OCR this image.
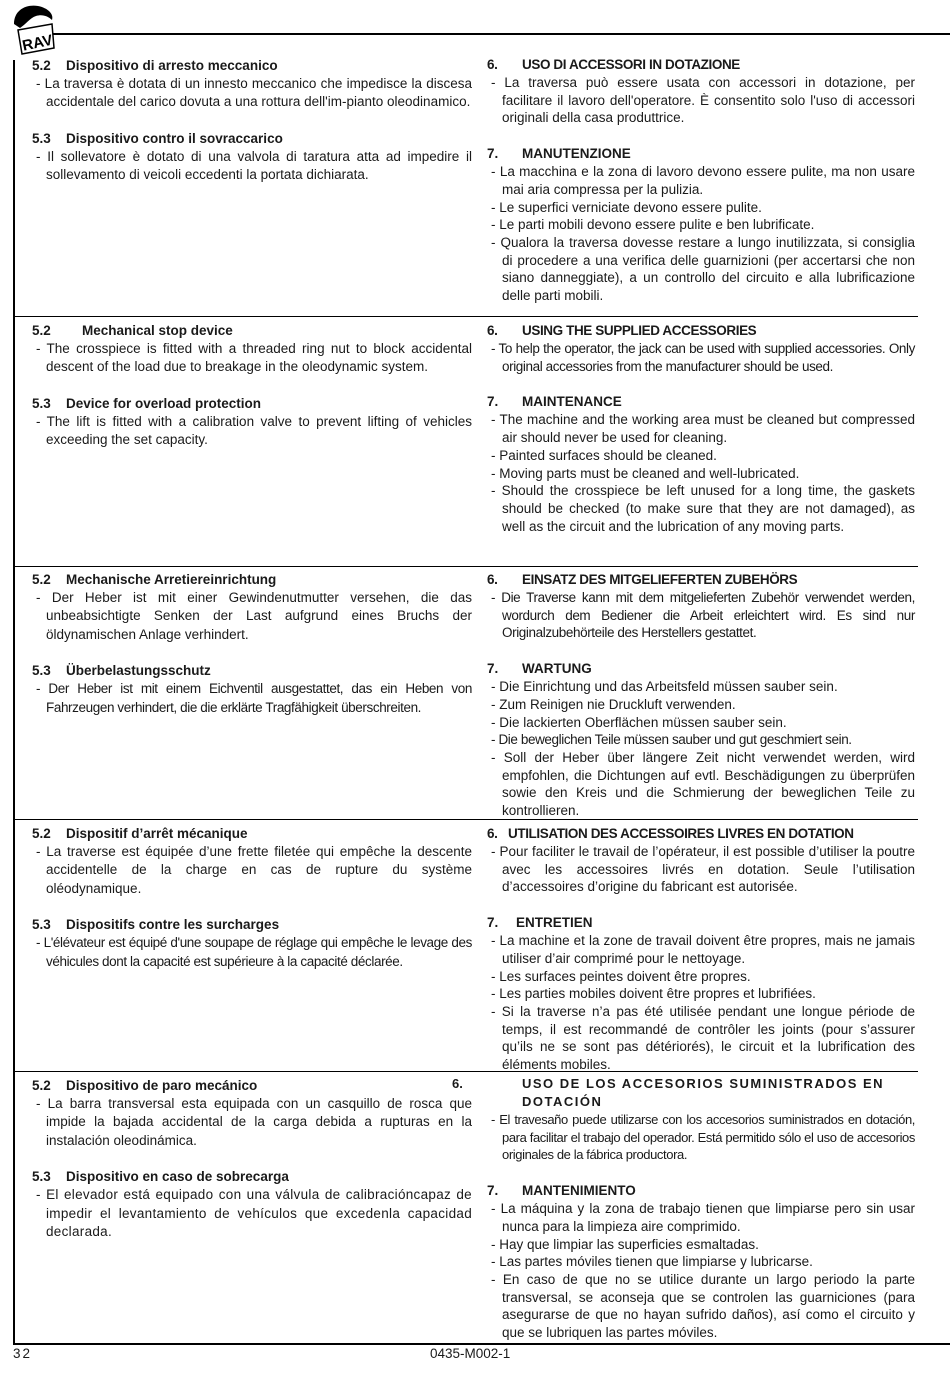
RAV
5.2 Dispositivo di arresto meccanico

- La traversa è dotata di un innesto meccanico che impedisce la discesa accidentale del carico dovuta a una rottura dell'im-pianto oleodinamico.

5.3 Dispositivo contro il sovraccarico

- Il sollevatore è dotato di una valvola di taratura atta ad impedire il sollevamento di veicoli eccedenti la portata dichiarata.

6. USO DI ACCESSORI IN DOTAZIONE

- La traversa può essere usata con accessori in dotazione, per facilitare il lavoro dell'operatore. È consentito solo l'uso di accessori originali della casa produttrice.

7. MANUTENZIONE

- La macchina e la zona di lavoro devono essere pulite, ma non usare mai aria compressa per la pulizia.

- Le superfici verniciate devono essere pulite.

- Le parti mobili devono essere pulite e ben lubrificate.

- Qualora la traversa dovesse restare a lungo inutilizzata, si consiglia di procedere a una verifica delle guarnizioni (per accertarsi che non siano danneggiate), a un controllo del circuito e alla lubrificazione delle parti mobili.

5.2 Mechanical stop device

- The crosspiece is fitted with a threaded ring nut to block accidental descent of the load due to breakage in the oleodynamic system.

5.3 Device for overload protection

- The lift is fitted with a calibration valve to prevent lifting of vehicles exceeding the set capacity.

6. USING THE SUPPLIED ACCESSORIES

- To help the operator, the jack can be used with supplied accessories. Only original accessories from the manufacturer should be used.

7. MAINTENANCE

- The machine and the working area must be cleaned but compressed air should never be used for cleaning.

- Painted surfaces should be cleaned.

- Moving parts must be cleaned and well-lubricated.

- Should the crosspiece be left unused for a long time, the gaskets should be checked (to make sure that they are not damaged), as well as the circuit and the lubrication of any moving parts.

5.2 Mechanische Arretiereinrichtung

- Der Heber ist mit einer Gewindenutmutter versehen, die das unbeabsichtigte Senken der Last aufgrund eines Bruchs der öldynamischen Anlage verhindert.

5.3 Überbelastungsschutz

- Der Heber ist mit einem Eichventil ausgestattet, das ein Heben von Fahrzeugen verhindert, die die erklärte Tragfähigkeit überschreiten.

6. EINSATZ DES MITGELIEFERTEN ZUBEHÖRS

- Die Traverse kann mit dem mitgelieferten Zubehör verwendet werden, wordurch dem Bediener die Arbeit erleichtert wird. Es sind nur Originalzubehörteile des Herstellers gestattet.

7. WARTUNG

- Die Einrichtung und das Arbeitsfeld müssen sauber sein.

- Zum Reinigen nie Druckluft verwenden.

- Die lackierten Oberflächen müssen sauber sein.

- Die beweglichen Teile müssen sauber und gut geschmiert sein.

- Soll der Heber über längere Zeit nicht verwendet werden, wird empfohlen, die Dichtungen auf evtl. Beschädigungen zu überprüfen sowie den Kreis und die Schmierung der beweglichen Teile zu kontrollieren.

5.2 Dispositif d’arrêt mécanique

- La traverse est équipée d’une frette filetée qui empêche la descente accidentelle de la charge en cas de rupture du système oléodynamique.

5.3 Dispositifs contre les surcharges

- L'élévateur est équipé d'une soupape de réglage qui empêche le levage des véhicules dont la capacité est supérieure à la capacité déclarée.

6. UTILISATION DES ACCESSOIRES LIVRES EN DOTATION

- Pour faciliter le travail de l’opérateur, il est possible d’utiliser la poutre avec les accessoires livrés en dotation. Seule l’utilisation d’accessoires d’origine du fabricant est autorisée.

7. ENTRETIEN

- La machine et la zone de travail doivent être propres, mais ne jamais utiliser d’air comprimé pour le nettoyage.

- Les surfaces peintes doivent être propres.

- Les parties mobiles doivent être propres et lubrifiées.

- Si la traverse n’a pas été utilisée pendant une longue période de temps, il est recommandé de contrôler les joints (pour s’assurer qu’ils ne se sont pas détériorés), le circuit et la lubrification des éléments mobiles.

5.2 Dispositivo de paro mecánico

- La barra transversal esta equipada con un casquillo de rosca que impide la bajada accidental de la carga debida a rupturas en la instalación oleodinámica.

5.3 Dispositivo en caso de sobrecarga

- El elevador está equipado con una válvula de calibracióncapaz de impedir el levantamiento de vehículos que excedenla capacidad declarada.

6.	USO DE LOS ACCESORIOS SUMINISTRADOS EN DOTACIÓN

- El travesaño puede utilizarse con los accesorios suministrados en dotación, para facilitar el trabajo del operador. Está permitido sólo el uso de accesorios originales de la fábrica productora.

7. MANTENIMIENTO

- La máquina y la zona de trabajo tienen que limpiarse pero sin usar nunca para la limpieza aire comprimido.

- Hay que limpiar las superficies esmaltadas.

- Las partes móviles tienen que limpiarse y lubricarse.

- En caso de que no se utilice durante un largo periodo la parte transversal, se aconseja que se controlen las guarniciones (para asegurarse de que no hayan sufrido daños), así como el circuito y que se lubriquen las partes móviles.

32	0435-M002-1
